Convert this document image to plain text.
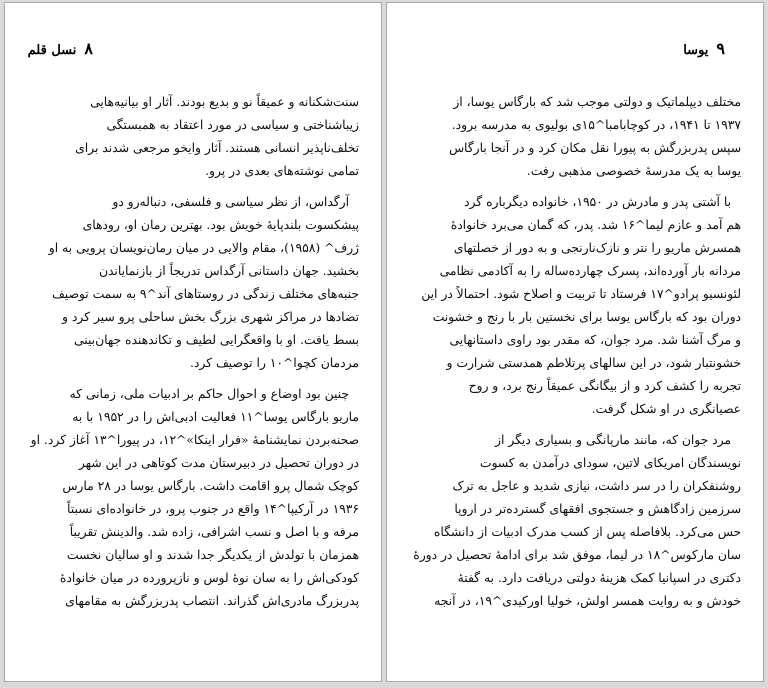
۸
نسل قلم
سنت‌شکنانه و عمیقاً نو و بدیع بودند. آثار او بیانیه‌هایی
زیباشناختی و سیاسی در مورد اعتقاد به همبستگی
تخلف‌ناپذیر انسانی هستند. آثار وایخو مرجعی شدند برای
تمامی نوشته‌های بعدی در پرو.
آرگداس، از نظر سیاسی و فلسفی، دنباله‌رو دو
پیشکسوت بلندپایهٔ خویش بود. بهترین رمان او، رودهای
ژرف^ (۱۹۵۸)، مقام والایی در میان رمان‌نویسان پرویی به او
بخشید. جهان داستانی آرگداس تدریجاً از بازنمایاندن
جنبه‌های مختلف زندگی در روستاهای آند^۹ به سمت توصیف
تضادها در مراکز شهری بزرگ بخش ساحلی پرو سیر کرد و
بسط یافت. او با واقعگرایی لطیف و تکاندهنده جهان‌بینی
مردمان کچوا^۱۰ را توصیف کرد.
چنین بود اوضاع و احوال حاکم بر ادبیات ملی، زمانی که
ماریو بارگاس یوسا^۱۱ فعالیت ادبی‌اش را در ۱۹۵۲ با به
صحنه‌بردن نمایشنامهٔ «فرار اینکا»^۱۲، در پیورا^۱۳ آغاز کرد. او
در دوران تحصیل در دبیرستان مدت کوتاهی در این شهر
کوچک شمال پرو اقامت داشت. بارگاس یوسا در ۲۸ مارس
۱۹۳۶ در آرکیپا^۱۴ واقع در جنوب پرو، در خانواده‌ای نسبتاً
مرفه و با اصل و نسب اشرافی، زاده شد. والدینش تقریباً
همزمان با تولدش از یکدیگر جدا شدند و او سالیان نخست
کودکی‌اش را به سان نوهٔ لوس و نازپرورده در میان خانوادهٔ
پدربزرگ مادری‌اش گذراند. انتصاب پدربزرگش به مقامهای
۹
یوسا
مختلف دیپلماتیک و دولتی موجب شد که بارگاس یوسا، از
۱۹۳۷ تا ۱۹۴۱، در کوچابامبا^۱۵ی بولیوی به مدرسه برود.
سپس پدربزرگش به پیورا نقل مکان کرد و در آنجا بارگاس
یوسا به یک مدرسهٔ خصوصی مذهبی رفت.
با آشتی پدر و مادرش در ۱۹۵۰، خانواده دیگرباره گرد
هم آمد و عازم لیما^۱۶ شد. پدر، که گمان می‌برد خانوادهٔ
همسرش ماریو را نتر و نازک‌نارنجی و به دور از خصلتهای
مردانه بار آورده‌اند، پسرک چهارده‌ساله را به آکادمی نظامی
لئونسیو پرادو^۱۷ فرستاد تا تربیت و اصلاح شود. احتمالاً در این
دوران بود که بارگاس یوسا برای نخستین بار با رنج و خشونت
و مرگ آشنا شد. مرد جوان، که مقدر بود راوی داستانهایی
خشونتبار شود، در این سالهای پرتلاطم همدستی شرارت و
تجربه را کشف کرد و از بیگانگی عمیقاً رنج برد، و روح
عصیانگری در او شکل گرفت.
مرد جوان که، مانند مارپانگی و بسیاری دیگر از
نویسندگان امریکای لاتین، سودای درآمدن به کسوت
روشنفکران را در سر داشت، نیازی شدید و عاجل به ترک
سرزمین زادگاهش و جستجوی افقهای گسترده‌تر در اروپا
حس می‌کرد. بلافاصله پس از کسب مدرک ادبیات از دانشگاه
سان مارکوس^۱۸ در لیما، موفق شد برای ادامهٔ تحصیل در دورهٔ
دکتری در اسپانیا کمک هزینهٔ دولتی دریافت دارد. به گفتهٔ
خودش و به روایت همسر اولش، خولیا اورکیدی^۱۹، در آنجه
